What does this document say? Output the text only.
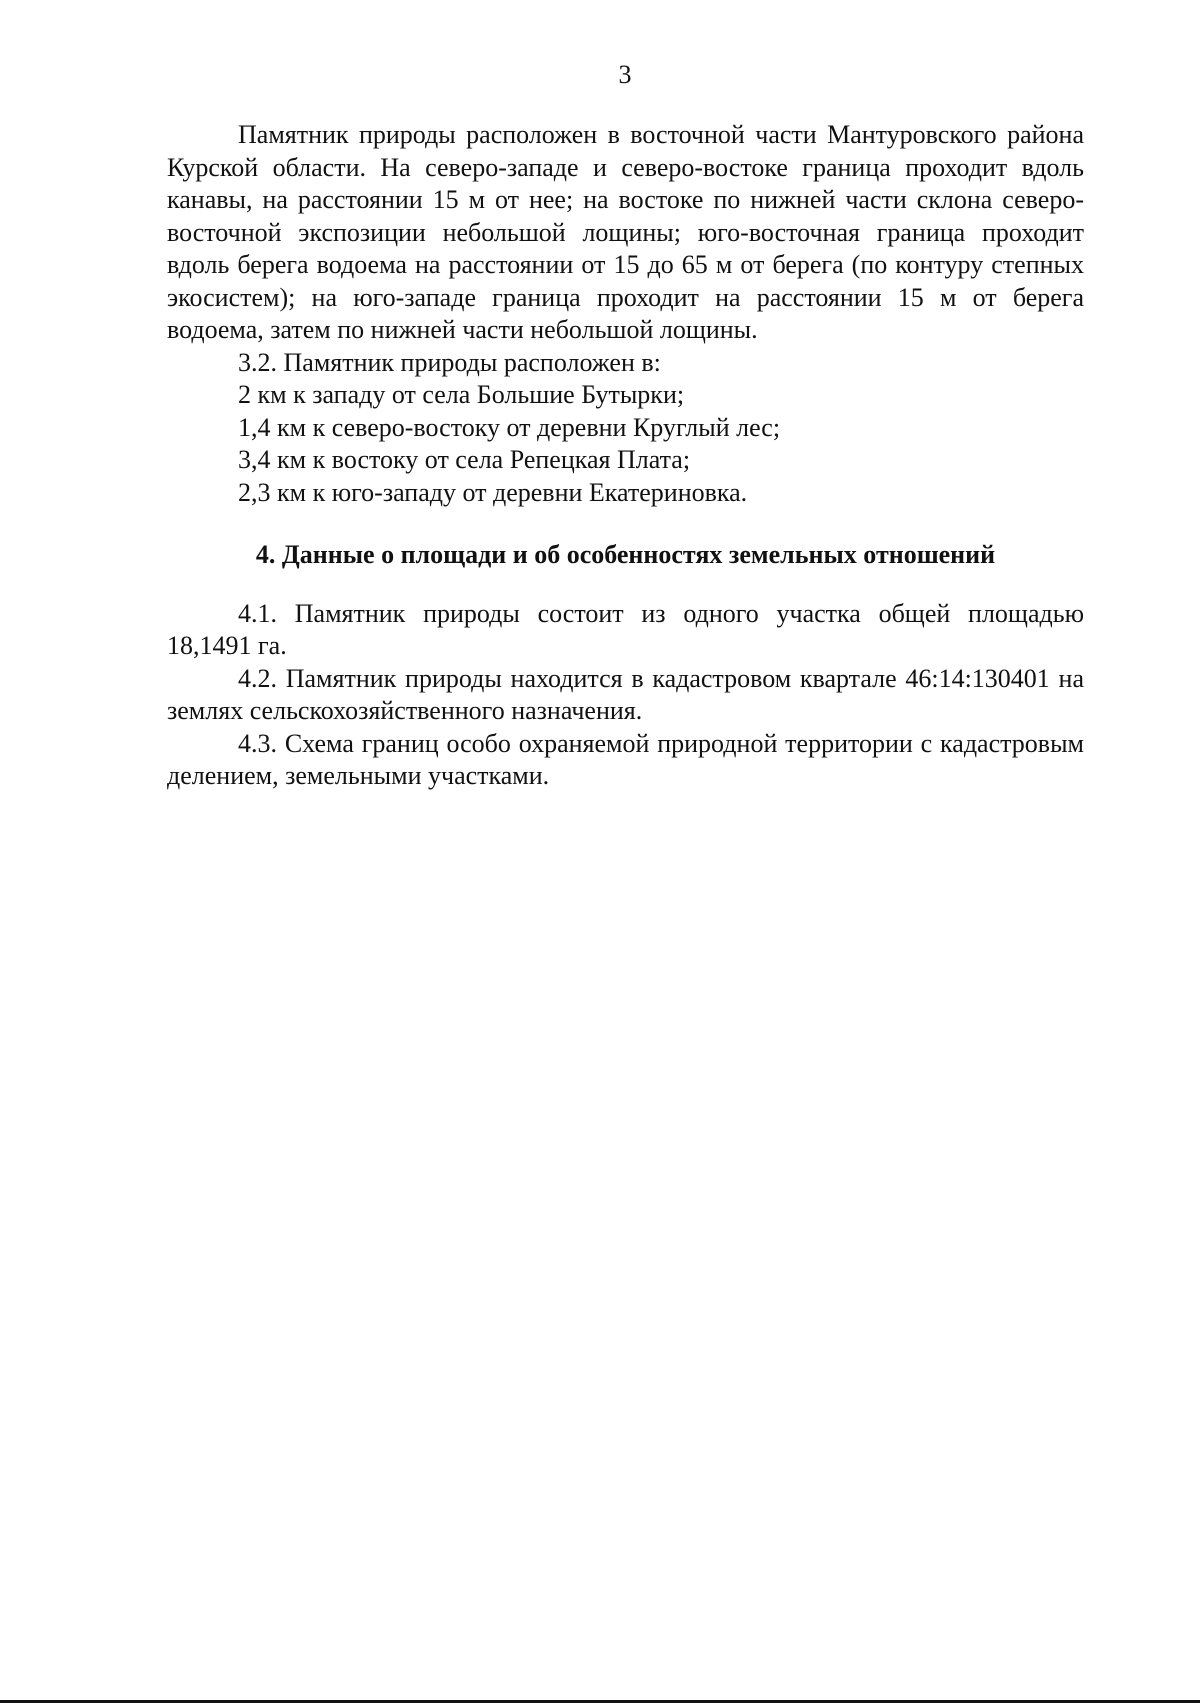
3

Памятник природы расположен в восточной части Мантуровского района Курской области. На северо-западе и северо-востоке граница проходит вдоль канавы, на расстоянии 15 м от нее; на востоке по нижней части склона северо-восточной экспозиции небольшой лощины; юго-восточная граница проходит вдоль берега водоема на расстоянии от 15 до 65 м от берега (по контуру степных экосистем); на юго-западе граница проходит на расстоянии 15 м от берега водоема, затем по нижней части небольшой лощины.

3.2. Памятник природы расположен в:

2 км к западу от села Большие Бутырки;

1,4 км к северо-востоку от деревни Круглый лес;

3,4 км к востоку от села Репецкая Плата;

2,3 км к юго-западу от деревни Екатериновка.

4. Данные о площади и об особенностях земельных отношений

4.1. Памятник природы состоит из одного участка общей площадью 18,1491 га.

4.2. Памятник природы находится в кадастровом квартале 46:14:130401 на землях сельскохозяйственного назначения.

4.3. Схема границ особо охраняемой природной территории с кадастровым делением, земельными участками.
